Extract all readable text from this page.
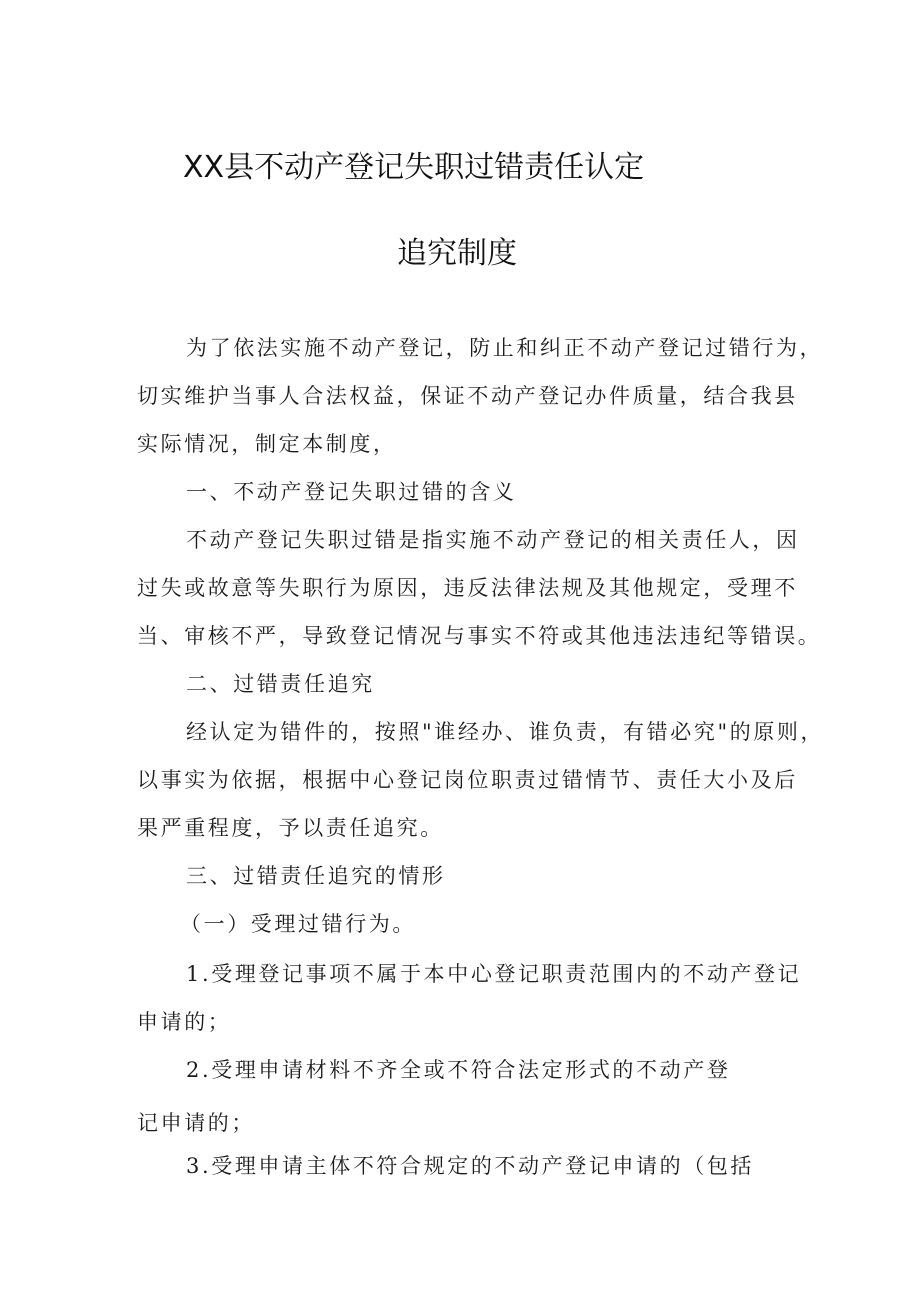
XX县不动产登记失职过错责任认定
追究制度
为了依法实施不动产登记，防止和纠正不动产登记过错行为，
切实维护当事人合法权益，保证不动产登记办件质量，结合我县
实际情况，制定本制度，
一、不动产登记失职过错的含义
不动产登记失职过错是指实施不动产登记的相关责任人，因
过失或故意等失职行为原因，违反法律法规及其他规定，受理不
当、审核不严，导致登记情况与事实不符或其他违法违纪等错误。
二、过错责任追究
经认定为错件的，按照"谁经办、谁负责，有错必究"的原则，
以事实为依据，根据中心登记岗位职责过错情节、责任大小及后
果严重程度，予以责任追究。
三、过错责任追究的情形
（一）受理过错行为。
1.受理登记事项不属于本中心登记职责范围内的不动产登记
申请的；
2.受理申请材料不齐全或不符合法定形式的不动产登
记申请的；
3.受理申请主体不符合规定的不动产登记申请的（包括
